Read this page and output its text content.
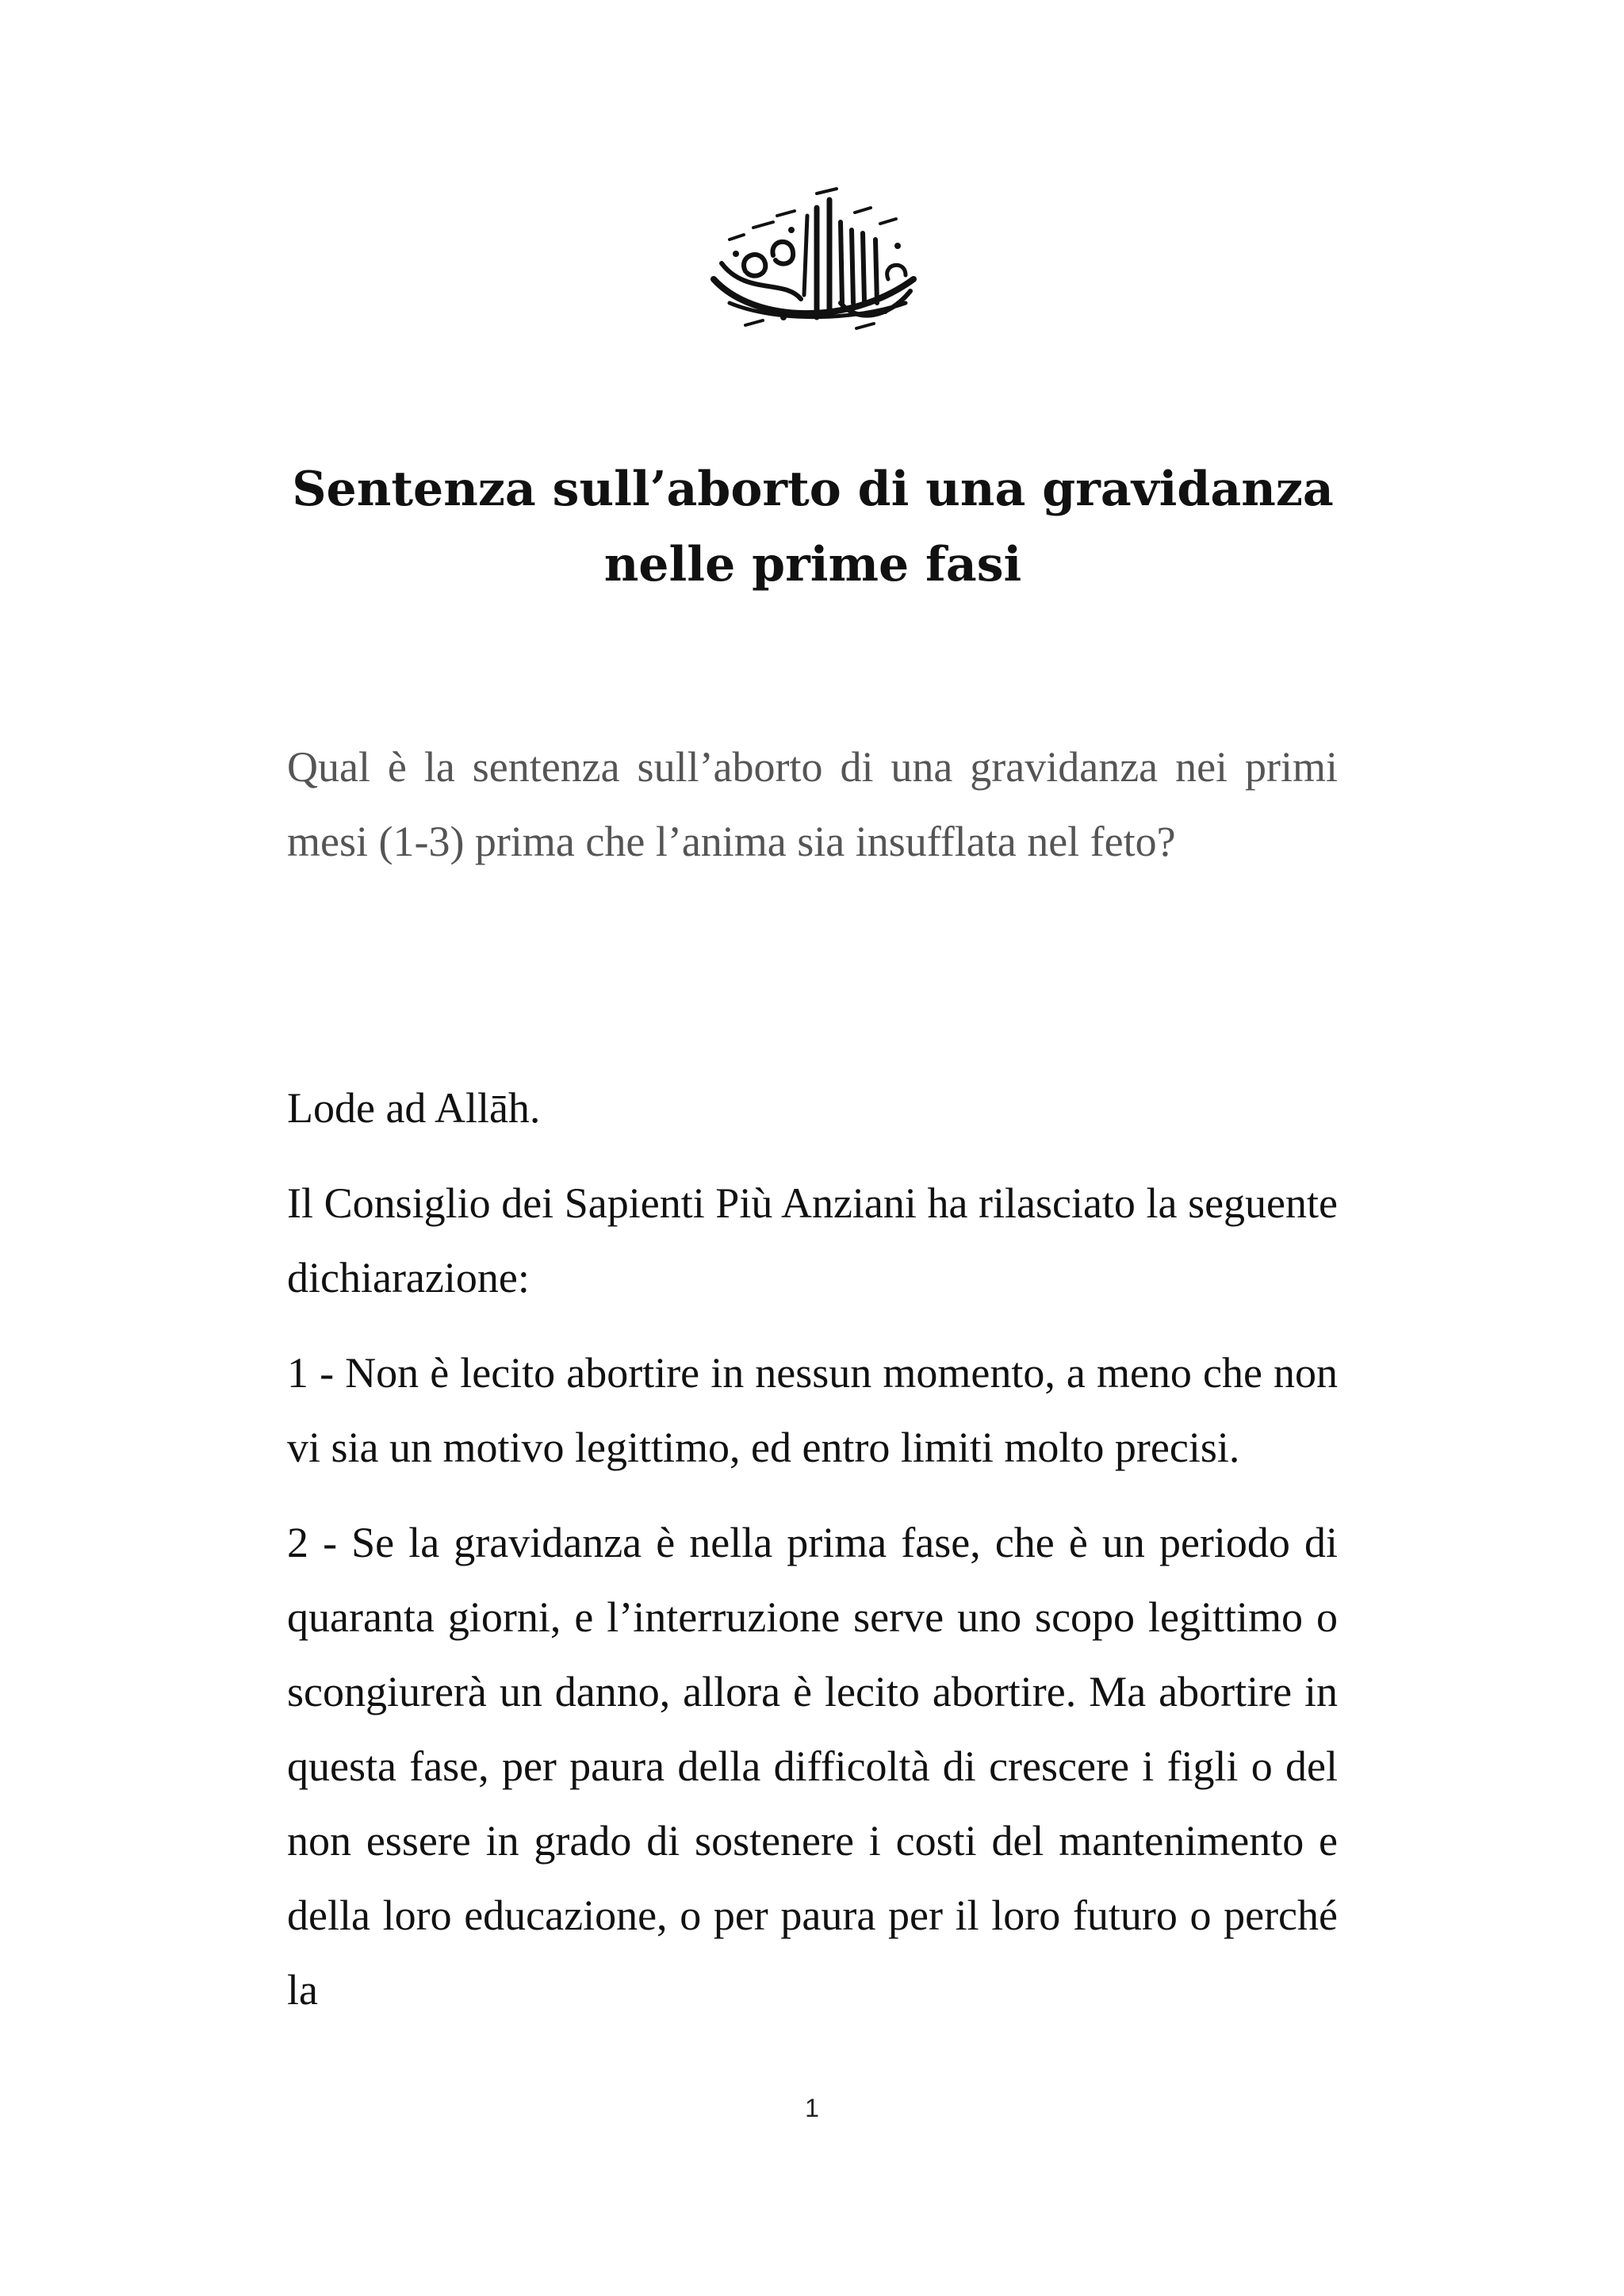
Sentenza sull’aborto di una gravidanza
nelle prime fasi

Qual è la sentenza sull’aborto di una gravidanza nei primi mesi (1-3) prima che l’anima sia insufflata nel feto?

Lode ad Allāh.

Il Consiglio dei Sapienti Più Anziani ha rilasciato la seguente dichiarazione:

1 - Non è lecito abortire in nessun momento, a meno che non vi sia un motivo legittimo, ed entro limiti molto precisi.

2 - Se la gravidanza è nella prima fase, che è un periodo di quaranta giorni, e l’interruzione serve uno scopo legittimo o scongiurerà un danno, allora è lecito abortire. Ma abortire in questa fase, per paura della difficoltà di crescere i figli o del non essere in grado di sostenere i costi del mantenimento e della loro educazione, o per paura per il loro futuro o perché la

1
